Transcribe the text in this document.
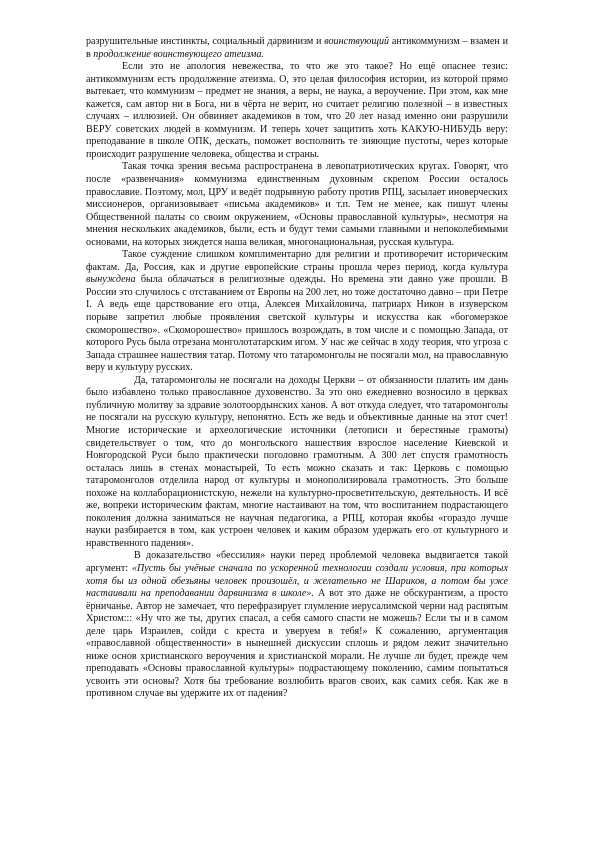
разрушительные инстинкты, социальный дарвинизм и воинствующий антикоммунизм – взамен и в продолжение воинствующего атеизма.

Если это не апология невежества, то что же это такое? Но ещё опаснее тезис: антикоммунизм есть продолжение атеизма. О, это целая философия истории, из которой прямо вытекает, что коммунизм – предмет не знания, а веры, не наука, а вероучение. При этом, как мне кажется, сам автор ни в Бога, ни в чёрта не верит, но считает религию полезной – в известных случаях – иллюзией. Он обвиняет академиков в том, что 20 лет назад именно они разрушили ВЕРУ советских людей в коммунизм. И теперь хочет защитить хоть КАКУЮ-НИБУДЬ веру: преподавание в школе ОПК, дескать, поможет восполнить те зияющие пустоты, через которые происходит разрушение человека, общества и страны.

Такая точка зрения весьма распространена в левопатриотических кругах. Говорят, что после «развенчания» коммунизма единственным духовным скрепом России осталось православие. Поэтому, мол, ЦРУ и ведёт подрывную работу против РПЦ, засылает иноверческих миссионеров, организовывает «письма академиков» и т.п. Тем не менее, как пишут члены Общественной палаты со своим окружением, «Основы православной культуры», несмотря на мнения нескольких академиков, были, есть и будут теми самыми главными и непоколебимыми основами, на которых зиждется наша великая, многонациональная, русская культура.

Такое суждение слишком комплиментарно для религии и противоречит историческим фактам. Да, Россия, как и другие европейские страны прошла через период, когда культура вынуждена была облачаться в религиозные одежды. Но времена эти давно уже прошли. В России это случилось с отставанием от Европы на 200 лет, но тоже достаточно давно – при Петре I. А ведь еще царствование его отца, Алексея Михайловича, патриарх Никон в изуверском порыве запретил любые проявления светской культуры и искусства как «богомерзкое скоморошество». «Скоморошество» пришлось возрождать, в том числе и с помощью Запада, от которого Русь была отрезана монголотатарским игом. У нас же сейчас в ходу теория, что угроза с Запада страшнее нашествия татар. Потому что татаромонголы не посягали мол, на православную веру и культуру русских.

Да, татаромонголы не посягали на доходы Церкви – от обязанности платить им дань было избавлено только православное духовенство. За это оно ежедневно возносило в церквах публичную молитву за здравие золотоордынских ханов. А вот откуда следует, что татаромонголы не посягали на русскую культуру, непонятно. Есть же ведь и объективные данные на этот счет! Многие исторические и археологические источники (летописи и берестяные грамоты) свидетельствует о том, что до монгольского нашествия взрослое население Киевской и Новгородской Руси было практически поголовно грамотным. А 300 лет спустя грамотность осталась лишь в стенах монастырей, То есть можно сказать и так: Церковь с помощью татаромонголов отделила народ от культуры и монополизировала грамотность. Это больше похоже на коллаборационистскую, нежели на культурно-просветительскую, деятельность. И всё же, вопреки историческим фактам, многие настаивают на том, что воспитанием подрастающего поколения должна заниматься не научная педагогика, а РПЦ, которая якобы «гораздо лучше науки разбирается в том, как устроен человек и каким образом удержать его от культурного и нравственного падения».

В доказательство «бессилия» науки перед проблемой человека выдвигается такой аргумент: «Пусть бы учёные сначала по ускоренной технологии создали условия, при которых хотя бы из одной обезьяны человек произошёл, и желательно не Шариков, а потом бы уже настаивали на преподавании дарвинизма в школе». А вот это даже не обскурантизм, а просто ёрничанье. Автор не замечает, что перефразирует глумление иерусалимской черни над распятым Христом::: «Ну что же ты, других спасал, а себя самого спасти не можешь? Если ты и в самом деле царь Израилев, сойди с креста и уверуем в тебя!» К сожалению, аргументация «православной общественности» в нынешней дискуссии сплошь и рядом лежит значительно ниже основ христианского вероучения и христианской морали. Не лучше ли будет, прежде чем преподавать «Основы православной культуры» подрастающему поколению, самим попытаться усвоить эти основы? Хотя бы требование возлюбить врагов своих, как самих себя. Как же в противном случае вы удержите их от падения?
